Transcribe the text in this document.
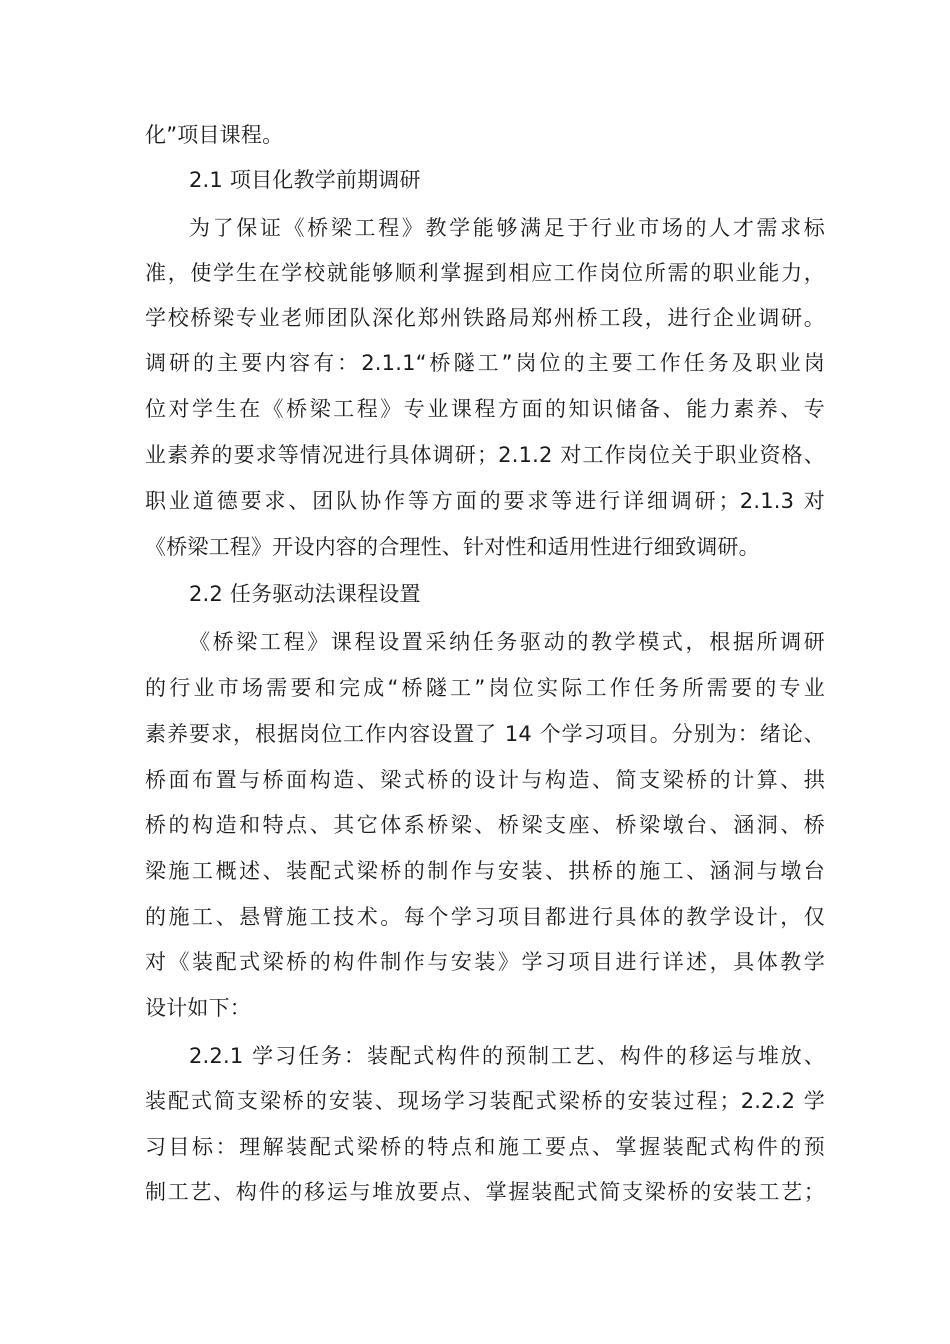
化”项目课程。
2.1 项目化教学前期调研
为了保证《桥梁工程》教学能够满足于行业市场的人才需求标
准，使学生在学校就能够顺利掌握到相应工作岗位所需的职业能力，
学校桥梁专业老师团队深化郑州铁路局郑州桥工段，进行企业调研。
调研的主要内容有：2.1.1“桥隧工”岗位的主要工作任务及职业岗
位对学生在《桥梁工程》专业课程方面的知识储备、能力素养、专
业素养的要求等情况进行具体调研；2.1.2 对工作岗位关于职业资格、
职业道德要求、团队协作等方面的要求等进行详细调研；2.1.3 对
《桥梁工程》开设内容的合理性、针对性和适用性进行细致调研。
2.2 任务驱动法课程设置
《桥梁工程》课程设置采纳任务驱动的教学模式，根据所调研
的行业市场需要和完成“桥隧工”岗位实际工作任务所需要的专业
素养要求，根据岗位工作内容设置了 14 个学习项目。分别为：绪论、
桥面布置与桥面构造、梁式桥的设计与构造、简支梁桥的计算、拱
桥的构造和特点、其它体系桥梁、桥梁支座、桥梁墩台、涵洞、桥
梁施工概述、装配式梁桥的制作与安装、拱桥的施工、涵洞与墩台
的施工、悬臂施工技术。每个学习项目都进行具体的教学设计，仅
对《装配式梁桥的构件制作与安装》学习项目进行详述，具体教学
设计如下：
2.2.1 学习任务：装配式构件的预制工艺、构件的移运与堆放、
装配式简支梁桥的安装、现场学习装配式梁桥的安装过程；2.2.2 学
习目标：理解装配式梁桥的特点和施工要点、掌握装配式构件的预
制工艺、构件的移运与堆放要点、掌握装配式简支梁桥的安装工艺；
